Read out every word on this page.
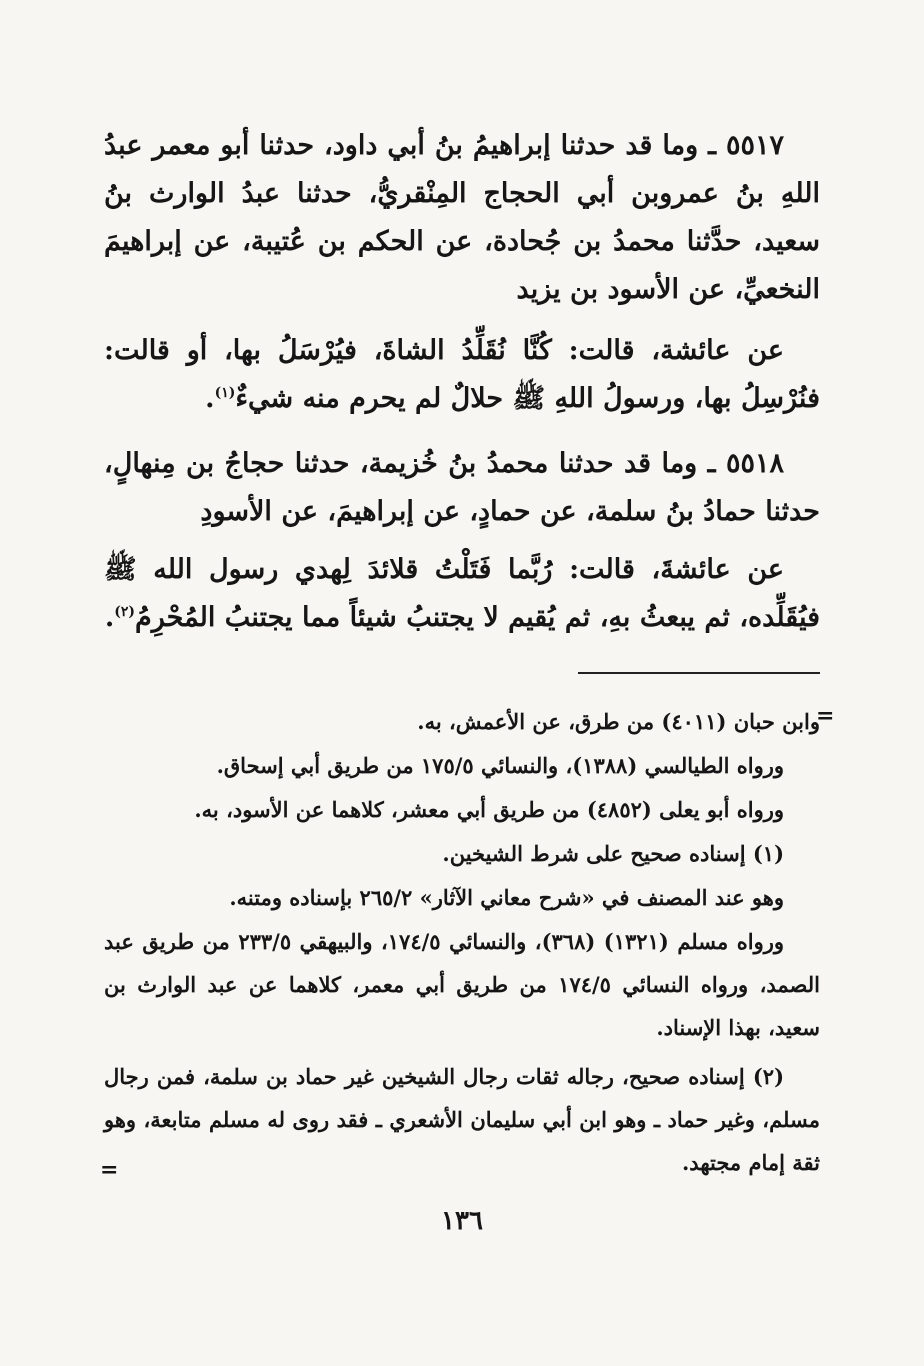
٥٥١٧ ـ وما قد حدثنا إبراهيمُ بنُ أبي داود، حدثنا أبو معمر عبدُ اللهِ بنُ عمروبن أبي الحجاج المِنْقريُّ، حدثنا عبدُ الوارث بنُ سعيد، حدَّثنا محمدُ بن جُحادة، عن الحكم بن عُتيبة، عن إبراهيمَ النخعيِّ، عن الأسود بن يزيد
عن عائشة، قالت: كُنَّا نُقَلِّدُ الشاةَ، فيُرْسَلُ بها، أو قالت: فنُرْسِلُ بها، ورسولُ اللهِ ﷺ حلالٌ لم يحرم منه شيءٌ$^{(١)}$.
٥٥١٨ ـ وما قد حدثنا محمدُ بنُ خُزيمة، حدثنا حجاجُ بن مِنهالٍ، حدثنا حمادُ بنُ سلمة، عن حمادٍ، عن إبراهيمَ، عن الأسودِ
عن عائشةَ، قالت: رُبَّما فَتَلْتُ قلائدَ لِهدي رسول الله ﷺ فيُقَلِّده، ثم يبعثُ بهِ، ثم يُقيم لا يجتنبُ شيئاً مما يجتنبُ المُحْرِمُ$^{(٢)}$.
=
وابن حبان (٤٠١١) من طرق، عن الأعمش، به.
ورواه الطيالسي (١٣٨٨)، والنسائي ١٧٥/٥ من طريق أبي إسحاق.
ورواه أبو يعلى (٤٨٥٢) من طريق أبي معشر، كلاهما عن الأسود، به.
(١) إسناده صحيح على شرط الشيخين.
وهو عند المصنف في «شرح معاني الآثار» ٢٦٥/٢ بإسناده ومتنه.
ورواه مسلم (١٣٢١) (٣٦٨)، والنسائي ١٧٤/٥، والبيهقي ٢٣٣/٥ من طريق عبد الصمد، ورواه النسائي ١٧٤/٥ من طريق أبي معمر، كلاهما عن عبد الوارث بن سعيد، بهذا الإسناد.
(٢) إسناده صحيح، رجاله ثقات رجال الشيخين غير حماد بن سلمة، فمن رجال مسلم، وغير حماد ـ وهو ابن أبي سليمان الأشعري ـ فقد روى له مسلم متابعة، وهو ثقة إمام مجتهد.
=
١٣٦
